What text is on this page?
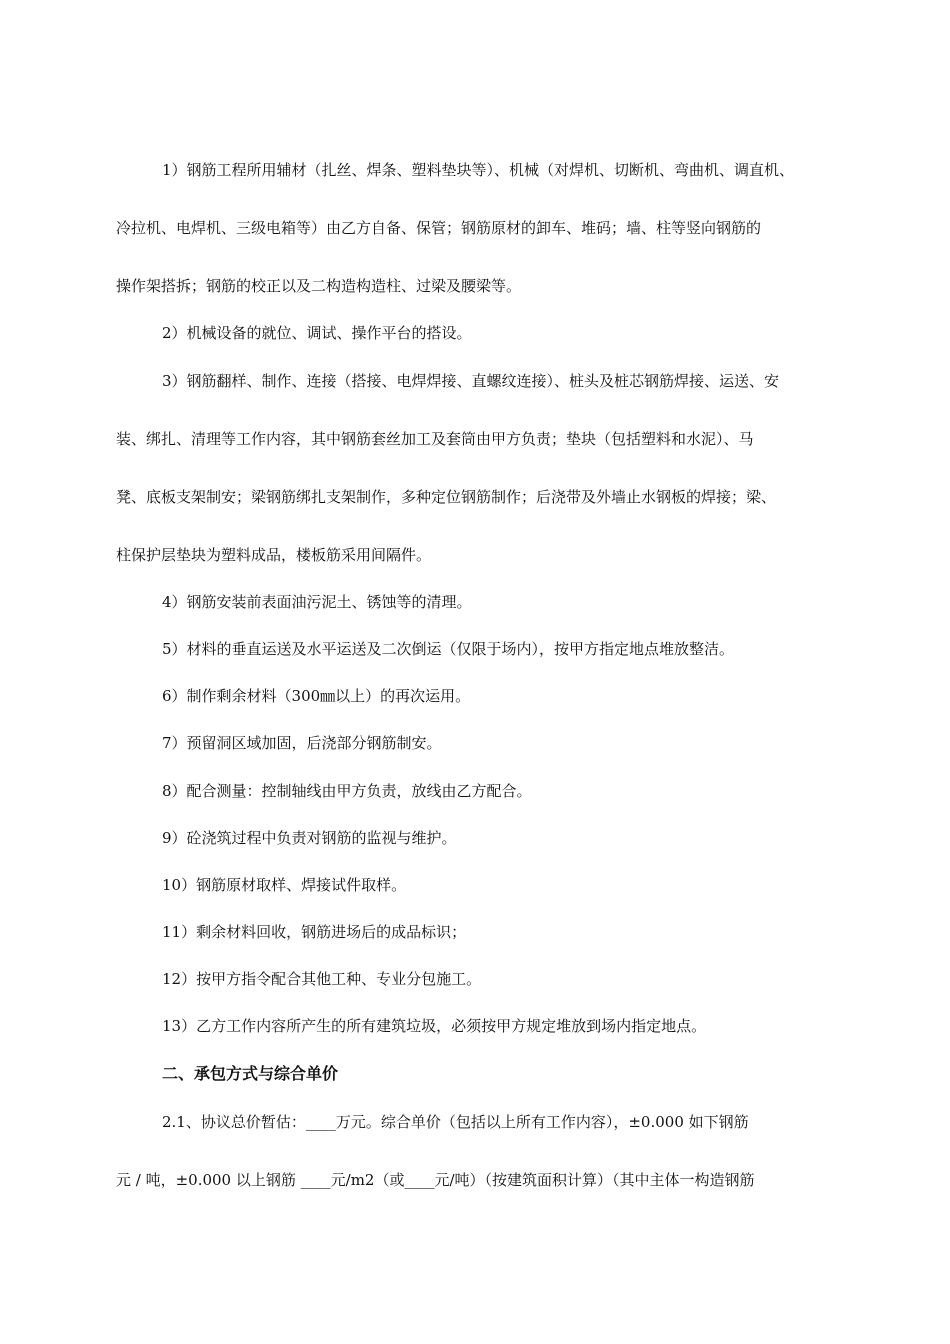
1）钢筋工程所用辅材（扎丝、焊条、塑料垫块等）、机械（对焊机、切断机、弯曲机、调直机、

冷拉机、电焊机、三级电箱等）由乙方自备、保管；钢筋原材的卸车、堆码；墙、柱等竖向钢筋的

操作架搭拆；钢筋的校正以及二构造构造柱、过梁及腰梁等。

2）机械设备的就位、调试、操作平台的搭设。

3）钢筋翻样、制作、连接（搭接、电焊焊接、直螺纹连接）、桩头及桩芯钢筋焊接、运送、安

装、绑扎、清理等工作内容，其中钢筋套丝加工及套筒由甲方负责；垫块（包括塑料和水泥）、马

凳、底板支架制安；梁钢筋绑扎支架制作，多种定位钢筋制作；后浇带及外墙止水钢板的焊接；梁、

柱保护层垫块为塑料成品，楼板筋采用间隔件。

4）钢筋安装前表面油污泥土、锈蚀等的清理。

5）材料的垂直运送及水平运送及二次倒运（仅限于场内），按甲方指定地点堆放整洁。

6）制作剩余材料（300㎜以上）的再次运用。

7）预留洞区域加固，后浇部分钢筋制安。

8）配合测量：控制轴线由甲方负责，放线由乙方配合。

9）砼浇筑过程中负责对钢筋的监视与维护。

10）钢筋原材取样、焊接试件取样。

11）剩余材料回收，钢筋进场后的成品标识；

12）按甲方指令配合其他工种、专业分包施工。

13）乙方工作内容所产生的所有建筑垃圾，必须按甲方规定堆放到场内指定地点。

二、承包方式与综合单价

2.1、协议总价暂估：____万元。综合单价（包括以上所有工作内容），±0.000 如下钢筋

元 / 吨，±0.000 以上钢筋 ____元/m2（或____元/吨）（按建筑面积计算）（其中主体一构造钢筋
